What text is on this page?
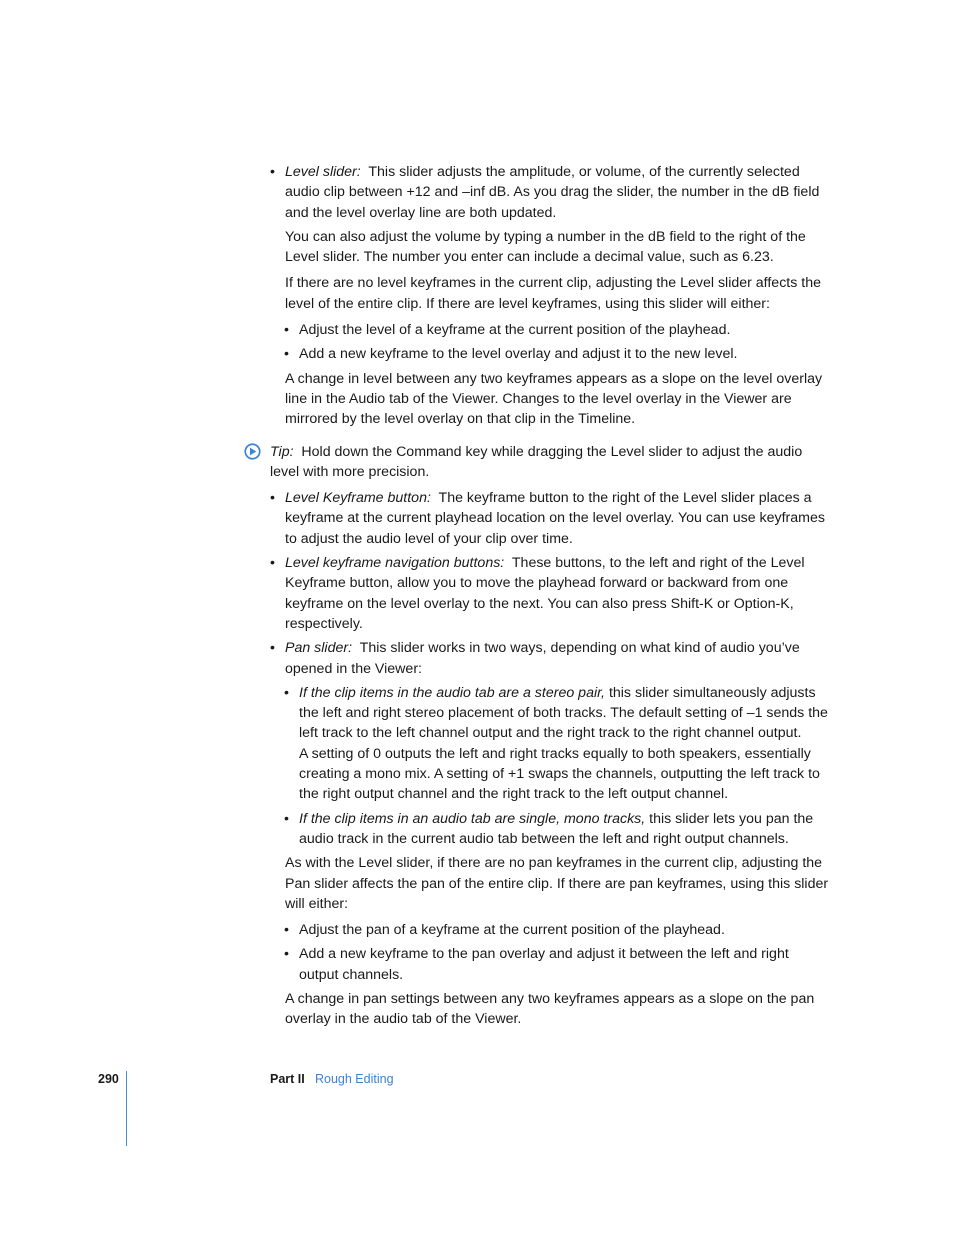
• Level slider: This slider adjusts the amplitude, or volume, of the currently selected audio clip between +12 and –inf dB. As you drag the slider, the number in the dB field and the level overlay line are both updated.

You can also adjust the volume by typing a number in the dB field to the right of the Level slider. The number you enter can include a decimal value, such as 6.23.

If there are no level keyframes in the current clip, adjusting the Level slider affects the level of the entire clip. If there are level keyframes, using this slider will either:

• Adjust the level of a keyframe at the current position of the playhead.
• Add a new keyframe to the level overlay and adjust it to the new level.

A change in level between any two keyframes appears as a slope on the level overlay line in the Audio tab of the Viewer. Changes to the level overlay in the Viewer are mirrored by the level overlay on that clip in the Timeline.

Tip: Hold down the Command key while dragging the Level slider to adjust the audio level with more precision.
• Level Keyframe button: The keyframe button to the right of the Level slider places a keyframe at the current playhead location on the level overlay. You can use keyframes to adjust the audio level of your clip over time.
• Level keyframe navigation buttons: These buttons, to the left and right of the Level Keyframe button, allow you to move the playhead forward or backward from one keyframe on the level overlay to the next. You can also press Shift-K or Option-K, respectively.
• Pan slider: This slider works in two ways, depending on what kind of audio you’ve opened in the Viewer:
• If the clip items in the audio tab are a stereo pair, this slider simultaneously adjusts the left and right stereo placement of both tracks. The default setting of –1 sends the left track to the left channel output and the right track to the right channel output.
A setting of 0 outputs the left and right tracks equally to both speakers, essentially creating a mono mix. A setting of +1 swaps the channels, outputting the left track to the right output channel and the right track to the left output channel.
• If the clip items in an audio tab are single, mono tracks, this slider lets you pan the audio track in the current audio tab between the left and right output channels.

As with the Level slider, if there are no pan keyframes in the current clip, adjusting the Pan slider affects the pan of the entire clip. If there are pan keyframes, using this slider will either:

• Adjust the pan of a keyframe at the current position of the playhead.
• Add a new keyframe to the pan overlay and adjust it between the left and right output channels.

A change in pan settings between any two keyframes appears as a slope on the pan overlay in the audio tab of the Viewer.

290	Part II Rough Editing
